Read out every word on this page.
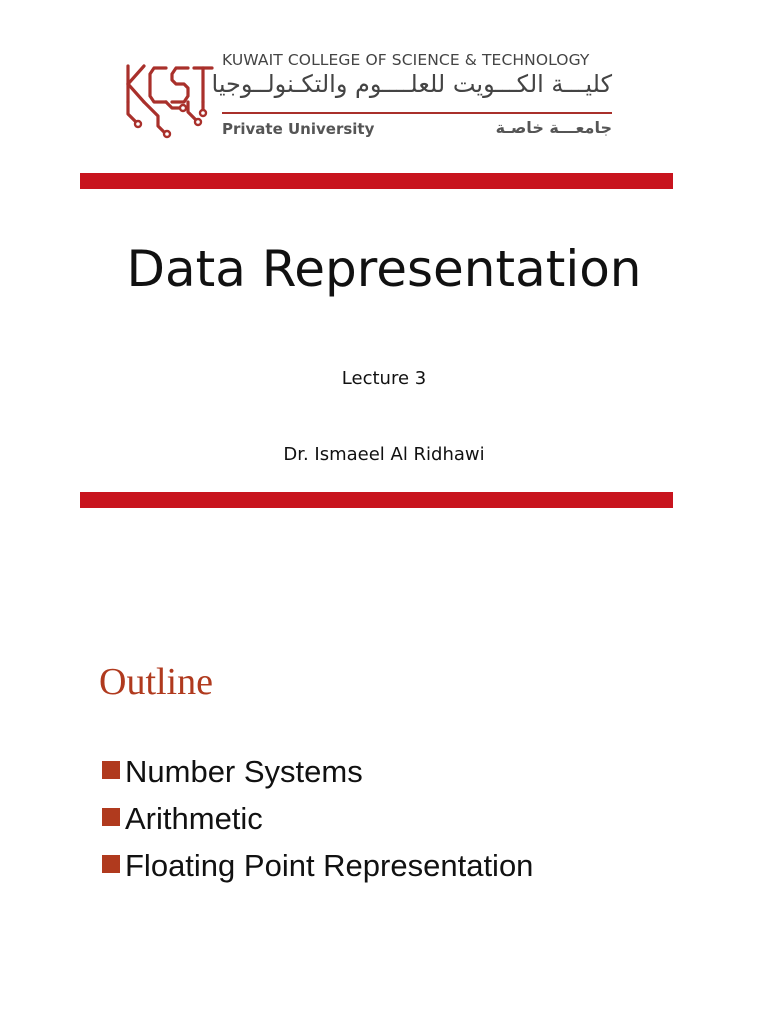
KUWAIT COLLEGE OF SCIENCE & TECHNOLOGY
كليـــة الكـــويت للعلــــوم والتكـنولــوجيا
Private University	جامعـــة خاصـة
Data Representation
Lecture 3
Dr. Ismaeel Al Ridhawi
Outline
Number Systems
Arithmetic
Floating Point Representation
